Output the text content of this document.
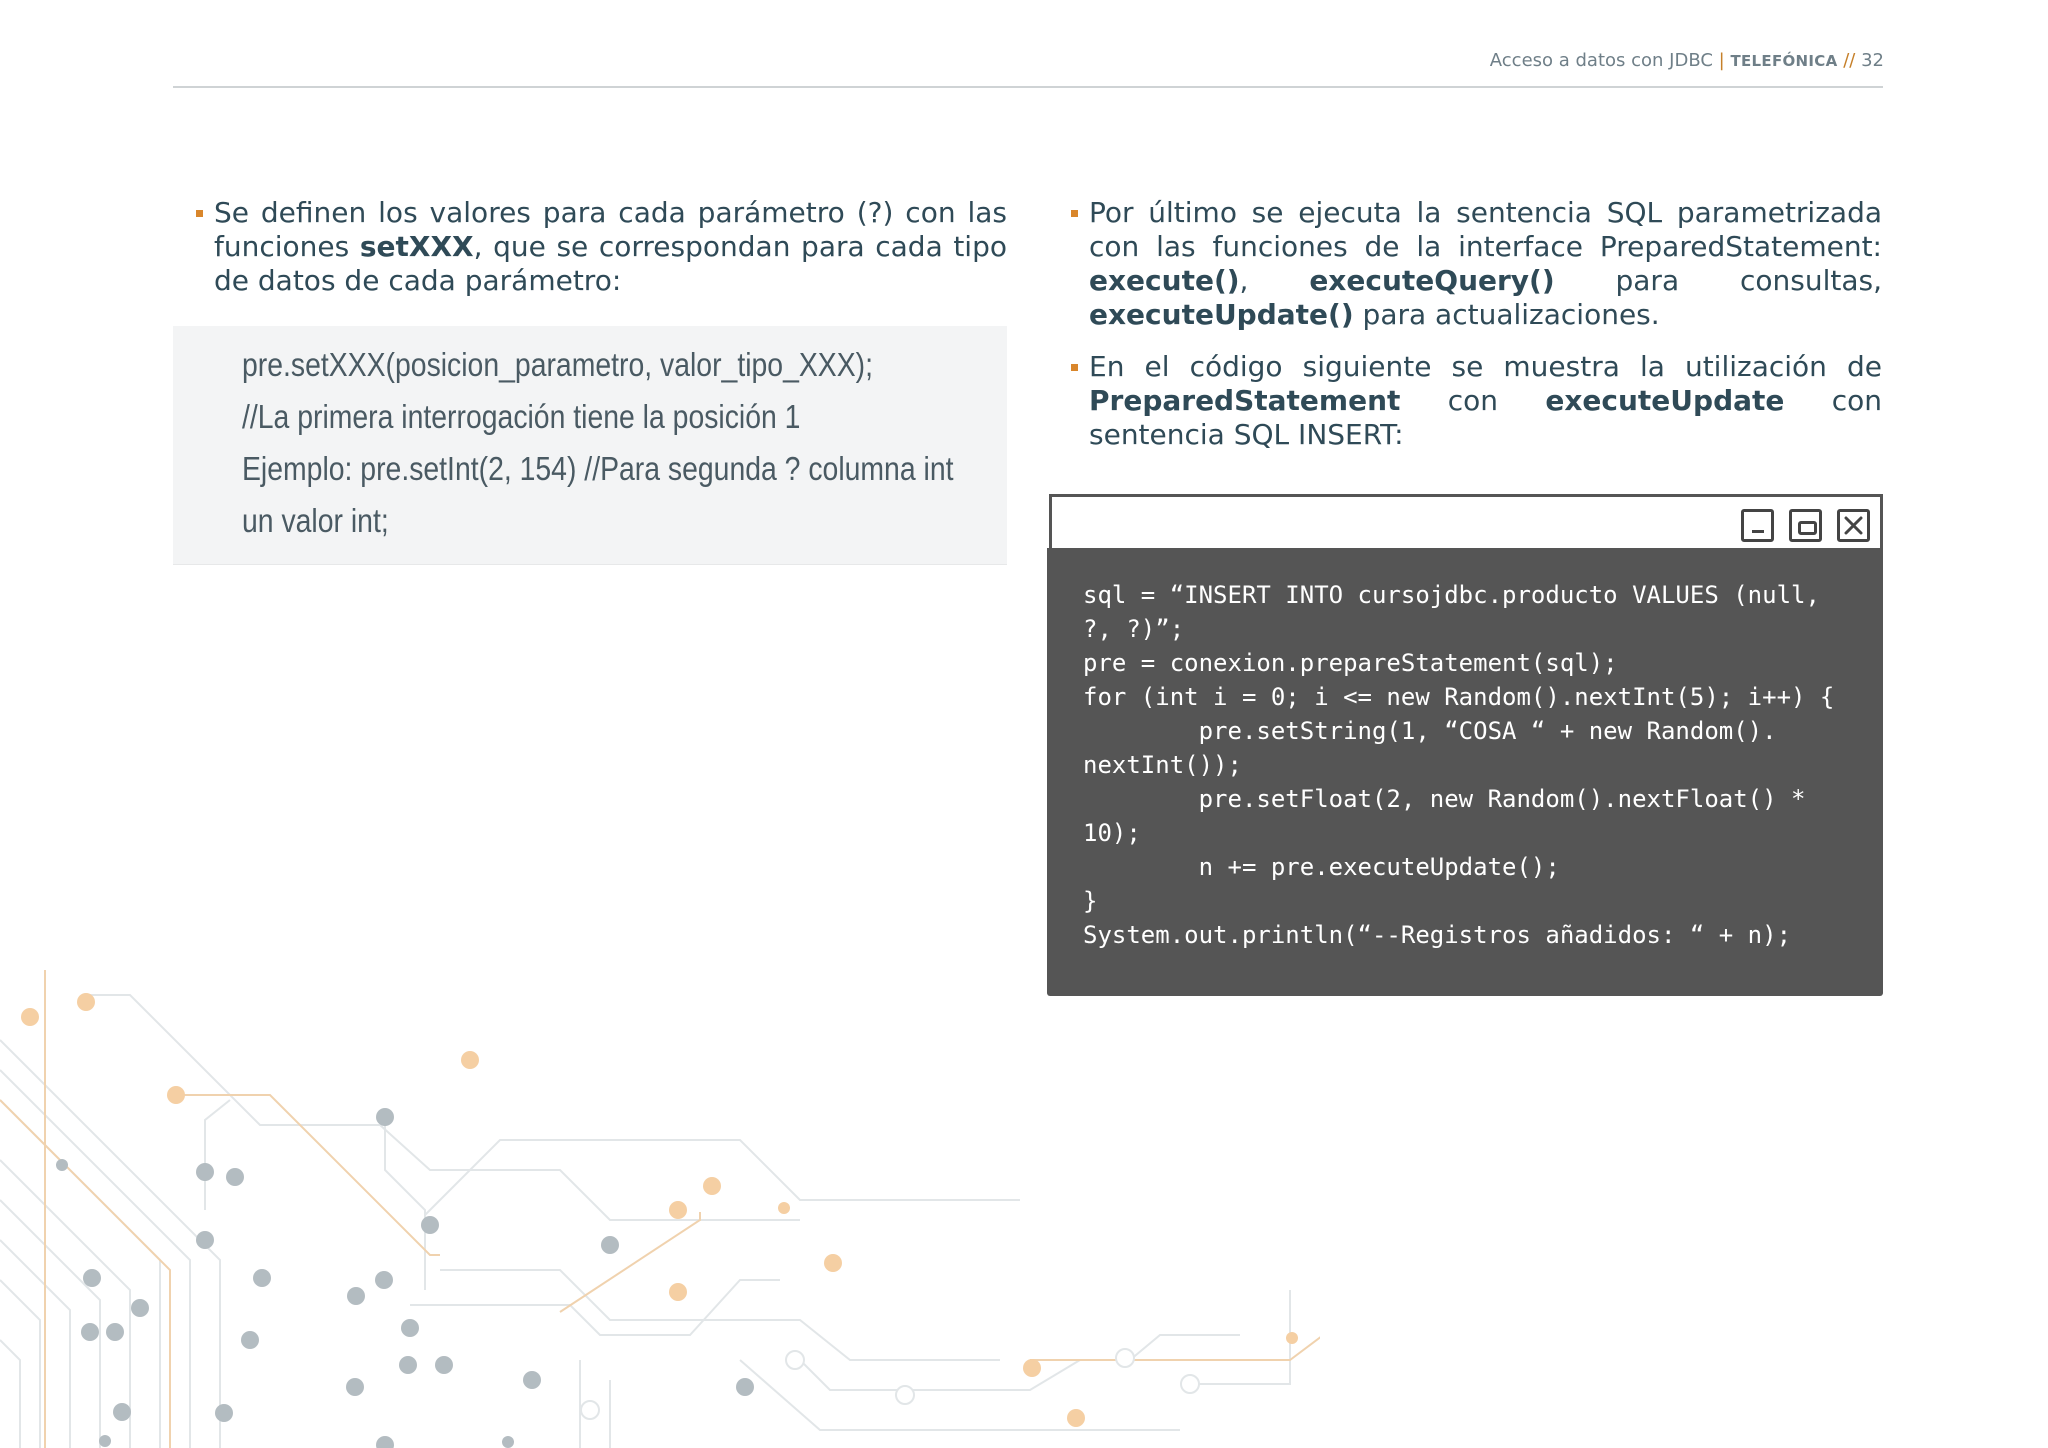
Acceso a datos con JDBC | TELEFÓNICA // 32
Se definen los valores para cada parámetro (?) con las funciones setXXX, que se correspondan para cada tipo de datos de cada parámetro:
pre.setXXX(posicion_parametro, valor_tipo_XXX);
//La primera interrogación tiene la posición 1
Ejemplo: pre.setInt(2, 154) //Para segunda ? columna int
un valor int;
Por último se ejecuta la sentencia SQL parametrizada con las funciones de la interface PreparedStatement: execute(), executeQuery() para consultas, executeUpdate() para actualizaciones.
En el código siguiente se muestra la utilización de PreparedStatement con executeUpdate con sentencia SQL INSERT:
sql = “INSERT INTO cursojdbc.producto VALUES (null,
?, ?)”;
pre = conexion.prepareStatement(sql);
for (int i = 0; i <= new Random().nextInt(5); i++) {
pre.setString(1, “COSA “ + new Random().
nextInt());
pre.setFloat(2, new Random().nextFloat() *
10);
n += pre.executeUpdate();
}
System.out.println(“--Registros añadidos: “ + n);
